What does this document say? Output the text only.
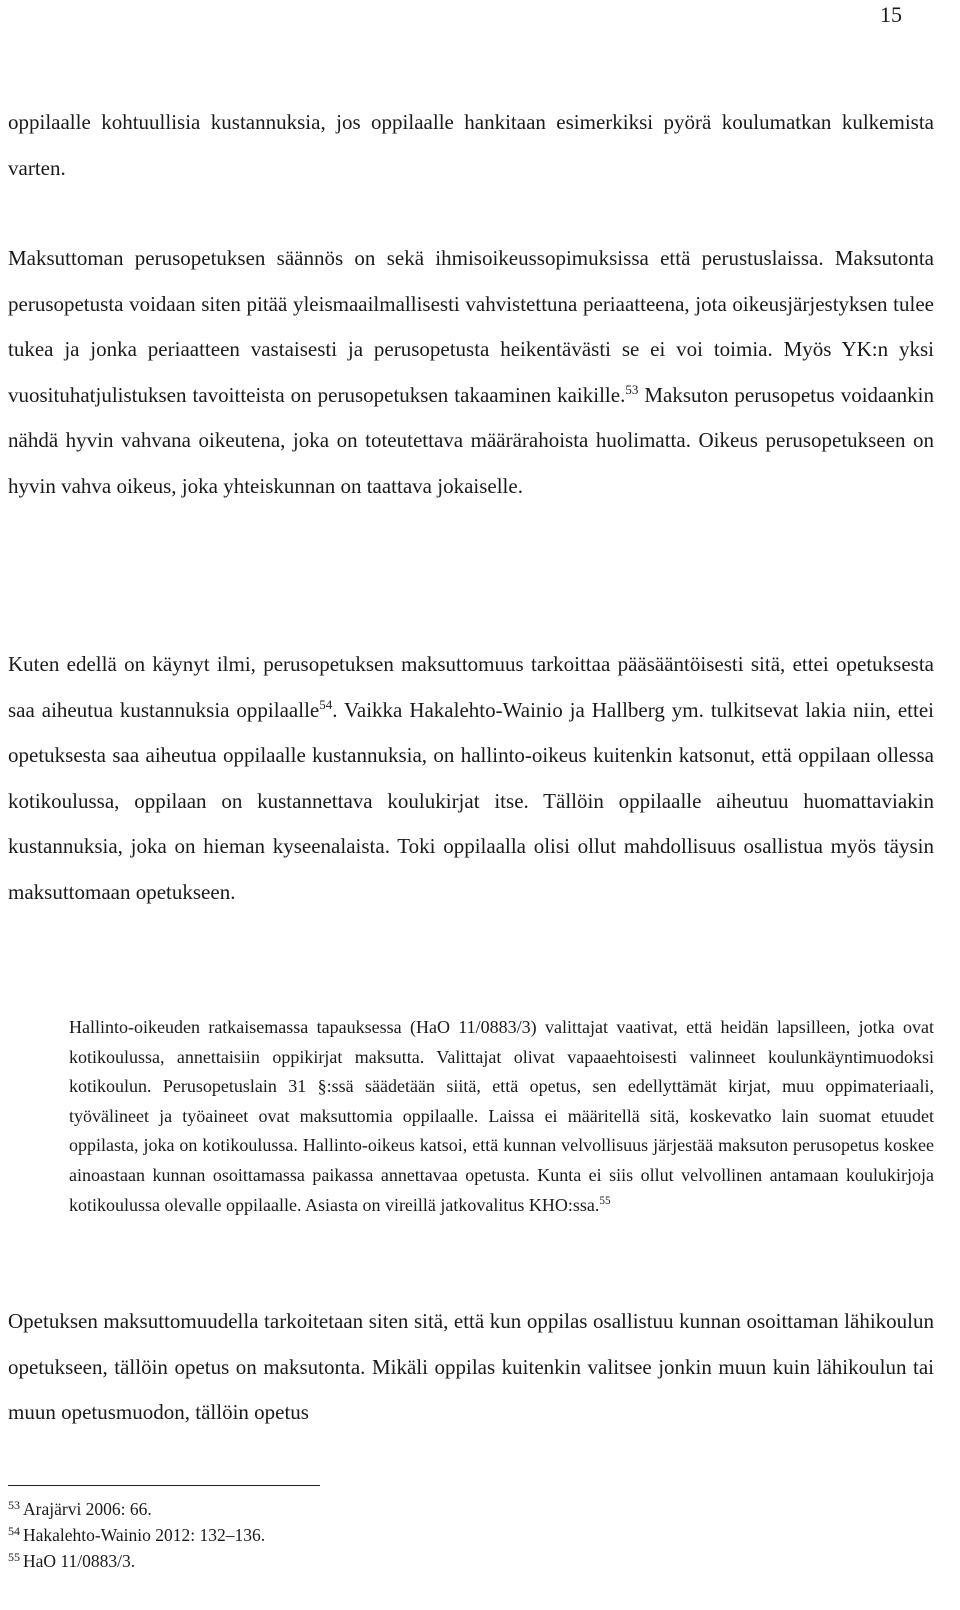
15

oppilaalle kohtuullisia kustannuksia, jos oppilaalle hankitaan esimerkiksi pyörä koulumatkan kulkemista varten.

Maksuttoman perusopetuksen säännös on sekä ihmisoikeussopimuksissa että perustuslaissa. Maksutonta perusopetusta voidaan siten pitää yleismaailmallisesti vahvistettuna periaatteena, jota oikeusjärjestyksen tulee tukea ja jonka periaatteen vastaisesti ja perusopetusta heikentävästi se ei voi toimia. Myös YK:n yksi vuosituhatjulistuksen tavoitteista on perusopetuksen takaaminen kaikille.$^{53}$ Maksuton perusopetus voidaankin nähdä hyvin vahvana oikeutena, joka on toteutettava määrärahoista huolimatta. Oikeus perusopetukseen on hyvin vahva oikeus, joka yhteiskunnan on taattava jokaiselle.

Kuten edellä on käynyt ilmi, perusopetuksen maksuttomuus tarkoittaa pääsääntöisesti sitä, ettei opetuksesta saa aiheutua kustannuksia oppilaalle$^{54}$. Vaikka Hakalehto-Wainio ja Hallberg ym. tulkitsevat lakia niin, ettei opetuksesta saa aiheutua oppilaalle kustannuksia, on hallinto-oikeus kuitenkin katsonut, että oppilaan ollessa kotikoulussa, oppilaan on kustannettava koulukirjat itse. Tällöin oppilaalle aiheutuu huomattaviakin kustannuksia, joka on hieman kyseenalaista. Toki oppilaalla olisi ollut mahdollisuus osallistua myös täysin maksuttomaan opetukseen.

Hallinto-oikeuden ratkaisemassa tapauksessa (HaO 11/0883/3) valittajat vaativat, että heidän lapsilleen, jotka ovat kotikoulussa, annettaisiin oppikirjat maksutta. Valittajat olivat vapaaehtoisesti valinneet koulunkäyntimuodoksi kotikoulun. Perusopetuslain 31 §:ssä säädetään siitä, että opetus, sen edellyttämät kirjat, muu oppimateriaali, työvälineet ja työaineet ovat maksuttomia oppilaalle. Laissa ei määritellä sitä, koskevatko lain suomat etuudet oppilasta, joka on kotikoulussa. Hallinto-oikeus katsoi, että kunnan velvollisuus järjestää maksuton perusopetus koskee ainoastaan kunnan osoittamassa paikassa annettavaa opetusta. Kunta ei siis ollut velvollinen antamaan koulukirjoja kotikoulussa olevalle oppilaalle. Asiasta on vireillä jatkovalitus KHO:ssa.$^{55}$

Opetuksen maksuttomuudella tarkoitetaan siten sitä, että kun oppilas osallistuu kunnan osoittaman lähikoulun opetukseen, tällöin opetus on maksutonta. Mikäli oppilas kuitenkin valitsee jonkin muun kuin lähikoulun tai muun opetusmuodon, tällöin opetus

$^{53}$ Arajärvi 2006: 66.
$^{54}$ Hakalehto-Wainio 2012: 132–136.
$^{55}$ HaO 11/0883/3.
